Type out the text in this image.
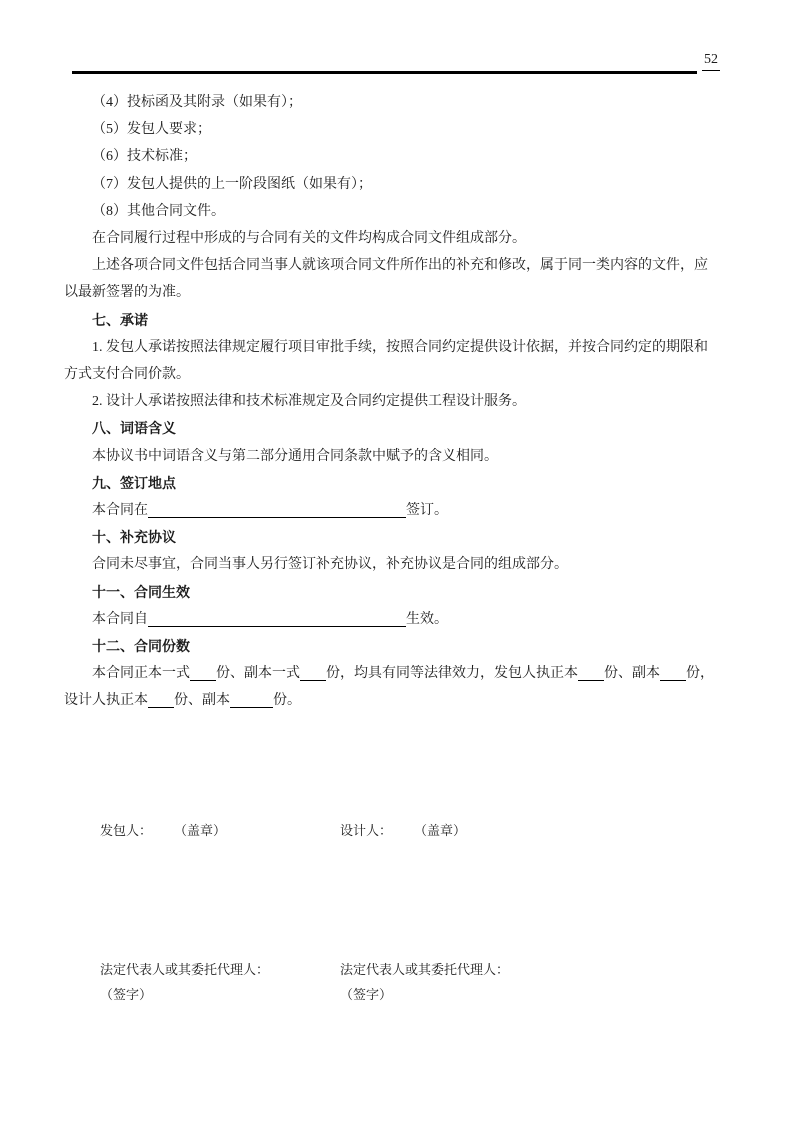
52

（4）投标函及其附录（如果有）；

（5）发包人要求；

（6）技术标准；

（7）发包人提供的上一阶段图纸（如果有）；

（8）其他合同文件。

在合同履行过程中形成的与合同有关的文件均构成合同文件组成部分。

上述各项合同文件包括合同当事人就该项合同文件所作出的补充和修改，属于同一类内容的文件，应以最新签署的为准。

七、承诺

1. 发包人承诺按照法律规定履行项目审批手续，按照合同约定提供设计依据，并按合同约定的期限和方式支付合同价款。

2. 设计人承诺按照法律和技术标准规定及合同约定提供工程设计服务。

八、词语含义

本协议书中词语含义与第二部分通用合同条款中赋予的含义相同。

九、签订地点

本合同在	签订。

十、补充协议

合同未尽事宜，合同当事人另行签订补充协议，补充协议是合同的组成部分。

十一、合同生效

本合同自	生效。

十二、合同份数

本合同正本一式 份、副本一式 份，均具有同等法律效力，发包人执正本 份、副本 份，设计人执正本 份、副本	份。

发包人： （盖章）	设计人： （盖章）
法定代表人或其委托代理人：	法定代表人或其委托代理人：
（签字）	（签字）
